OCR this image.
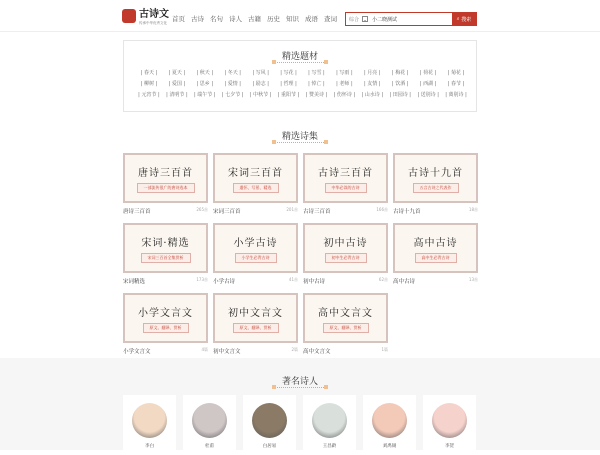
古诗文
传承中华优秀文化 首页 古诗 名句 诗人 古籍 历史 知识 成语 查词 综合	⌄ 小二晓测试	⌕ 搜索
精选题材
| 春天 |	| 夏天 |	| 秋天 |	| 冬天 |	| 写风 |	| 写花 |	| 写雪 |	| 写雨 |	| 月亮 |	| 梅花 |	| 荷花 |	| 菊花 |
| 柳树 |	| 爱国 |	| 思乡 |	| 爱情 |	| 励志 |	| 哲理 |	| 悼亡 |	| 老师 |	| 友情 |	| 饮酒 |	| 西湖 |	| 春节 |
| 元宵节 |	| 清明节 |	| 端午节 |	| 七夕节 |	| 中秋节 |	| 重阳节 |	| 赞美诗 |	| 伤怀诗 |	| 山水诗 |	| 田园诗 |	| 送别诗 |	| 离别诗 |
精选诗集
唐诗三百首
一部流传很广的唐诗选本
唐诗三百首	265首
宋词三百首
遣怀、写景、精选
宋词三百首	201首
古诗三百首
中华必读的古诗
古诗三百首	166首
古诗十九首
五言古诗之代表作
古诗十九首	18首
宋词·精选
宋词三百首全集赏析
宋词精选	173首
小学古诗
小学生必背古诗
小学古诗	41首
初中古诗
初中生必背古诗
初中古诗	62首
高中古诗
高中生必背古诗
高中古诗	13首
小学文言文
原文、翻译、赏析
小学文言文	4篇
初中文言文
原文、翻译、赏析
初中文言文	2篇
高中文言文
原文、翻译、赏析
高中文言文	1篇
著名诗人
李白	杜甫	白居易	王昌龄	刘禹锡	李贺
